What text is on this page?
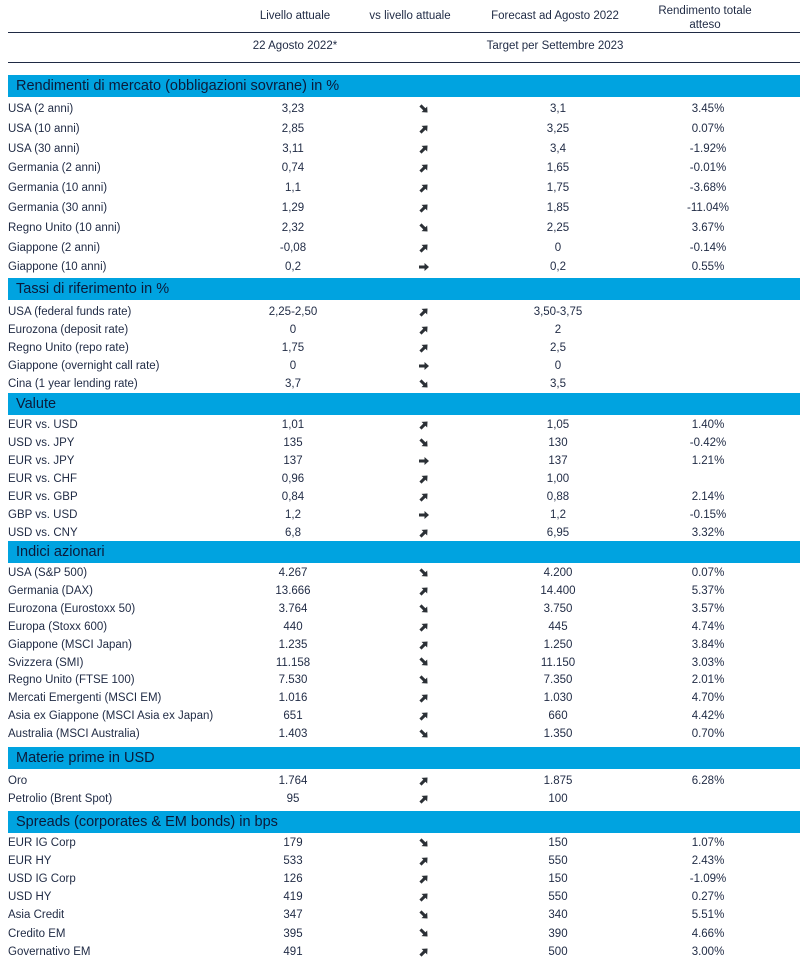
Livello attuale	vs livello attuale	Forecast ad Agosto 2022	Rendimento totale atteso
22 Agosto 2022*	Target per Settembre 2023
Rendimenti di mercato (obbligazioni sovrane) in %
USA (2 anni)	3,23	3,1	3.45%
USA (10 anni)	2,85	3,25	0.07%
USA (30 anni)	3,11	3,4	-1.92%
Germania (2 anni)	0,74	1,65	-0.01%
Germania (10 anni)	1,1	1,75	-3.68%
Germania (30 anni)	1,29	1,85	-11.04%
Regno Unito (10 anni)	2,32	2,25	3.67%
Giappone (2 anni)	-0,08	0	-0.14%
Giappone (10 anni)	0,2	0,2	0.55%
Tassi di riferimento in %
USA (federal funds rate)	2,25-2,50	3,50-3,75
Eurozona (deposit rate)	0	2
Regno Unito (repo rate)	1,75	2,5
Giappone (overnight call rate)	0	0
Cina (1 year lending rate)	3,7	3,5
Valute
EUR vs. USD	1,01	1,05	1.40%
USD vs. JPY	135	130	-0.42%
EUR vs. JPY	137	137	1.21%
EUR vs. CHF	0,96	1,00
EUR vs. GBP	0,84	0,88	2.14%
GBP vs. USD	1,2	1,2	-0.15%
USD vs. CNY	6,8	6,95	3.32%
Indici azionari
USA (S&P 500)	4.267	4.200	0.07%
Germania (DAX)	13.666	14.400	5.37%
Eurozona (Eurostoxx 50)	3.764	3.750	3.57%
Europa (Stoxx 600)	440	445	4.74%
Giappone (MSCI Japan)	1.235	1.250	3.84%
Svizzera (SMI)	11.158	11.150	3.03%
Regno Unito (FTSE 100)	7.530	7.350	2.01%
Mercati Emergenti (MSCI EM)	1.016	1.030	4.70%
Asia ex Giappone (MSCI Asia ex Japan)	651	660	4.42%
Australia (MSCI Australia)	1.403	1.350	0.70%
Materie prime in USD
Oro	1.764	1.875	6.28%
Petrolio (Brent Spot)	95	100
Spreads (corporates & EM bonds) in bps
EUR IG Corp	179	150	1.07%
EUR HY	533	550	2.43%
USD IG Corp	126	150	-1.09%
USD HY	419	550	0.27%
Asia Credit	347	340	5.51%
Credito EM	395	390	4.66%
Governativo EM	491	500	3.00%
